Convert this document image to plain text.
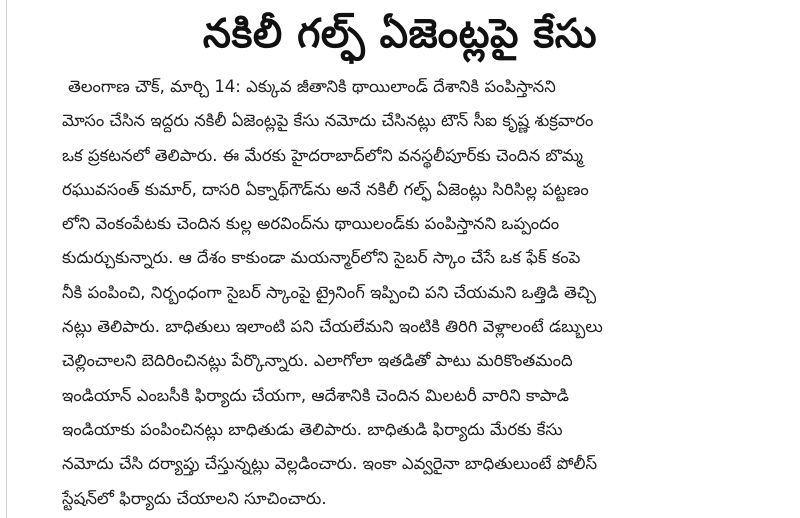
నకిలీ గల్ఫ్ ఏజెంట్లపై కేసు
తెలంగాణ చౌక్, మార్చి 14: ఎక్కువ జీతానికి థాయిలాండ్ దేశానికి పంపిస్తానని
మోసం చేసిన ఇద్దరు నకిలీ ఏజెంట్లపై కేసు నమోదు చేసినట్లు టౌన్ సీఐ కృష్ణ శుక్రవారం
ఒక ప్రకటనలో తెలిపారు. ఈ మేరకు హైదరాబాద్‌లోని వనస్థలీపూర్‌కు చెందిన బొమ్మ
రఘువసంత్ కుమార్, దాసరి ఏక్నాథ్‌గౌడ్‌ను అనే నకిలీ గల్ఫ్ ఏజెంట్లు సిరిసిల్ల పట్టణం
లోని వెంకంపేటకు చెందిన కుల్ల అరవింద్‌ను థాయిలండ్‌కు పంపిస్తానని ఒప్పందం
కుదుర్చుకున్నారు. ఆ దేశం కాకుండా మయన్మార్‌లోని సైబర్ స్కాం చేసే ఒక ఫేక్ కంపె
నీకి పంపించి, నిర్బంధంగా సైబర్ స్కాంపై ట్రైనింగ్ ఇప్పించి పని చేయమని ఒత్తిడి తెచ్చి
నట్లు తెలిపారు. బాధితులు ఇలాంటి పని చేయలేమని ఇంటికి తిరిగి వెళ్లాలంటే డబ్బులు
చెల్లించాలని బెదిరించినట్లు పేర్కొన్నారు. ఎలాగోలా ఇతడితో పాటు మరికొంతమంది
ఇండియాన్ ఎంబసీకి ఫిర్యాదు చేయగా, ఆదేశానికి చెందిన మిలటరీ వారిని కాపాడి
ఇండియాకు పంపించినట్లు బాధితుడు తెలిపారు. బాధితుడి ఫిర్యాదు మేరకు కేసు
నమోదు చేసి దర్యాప్తు చేస్తున్నట్లు వెల్లడించారు. ఇంకా ఎవ్వరైనా బాధితులుంటే పోలీస్
స్టేషన్‌లో ఫిర్యాదు చేయాలని సూచించారు.
